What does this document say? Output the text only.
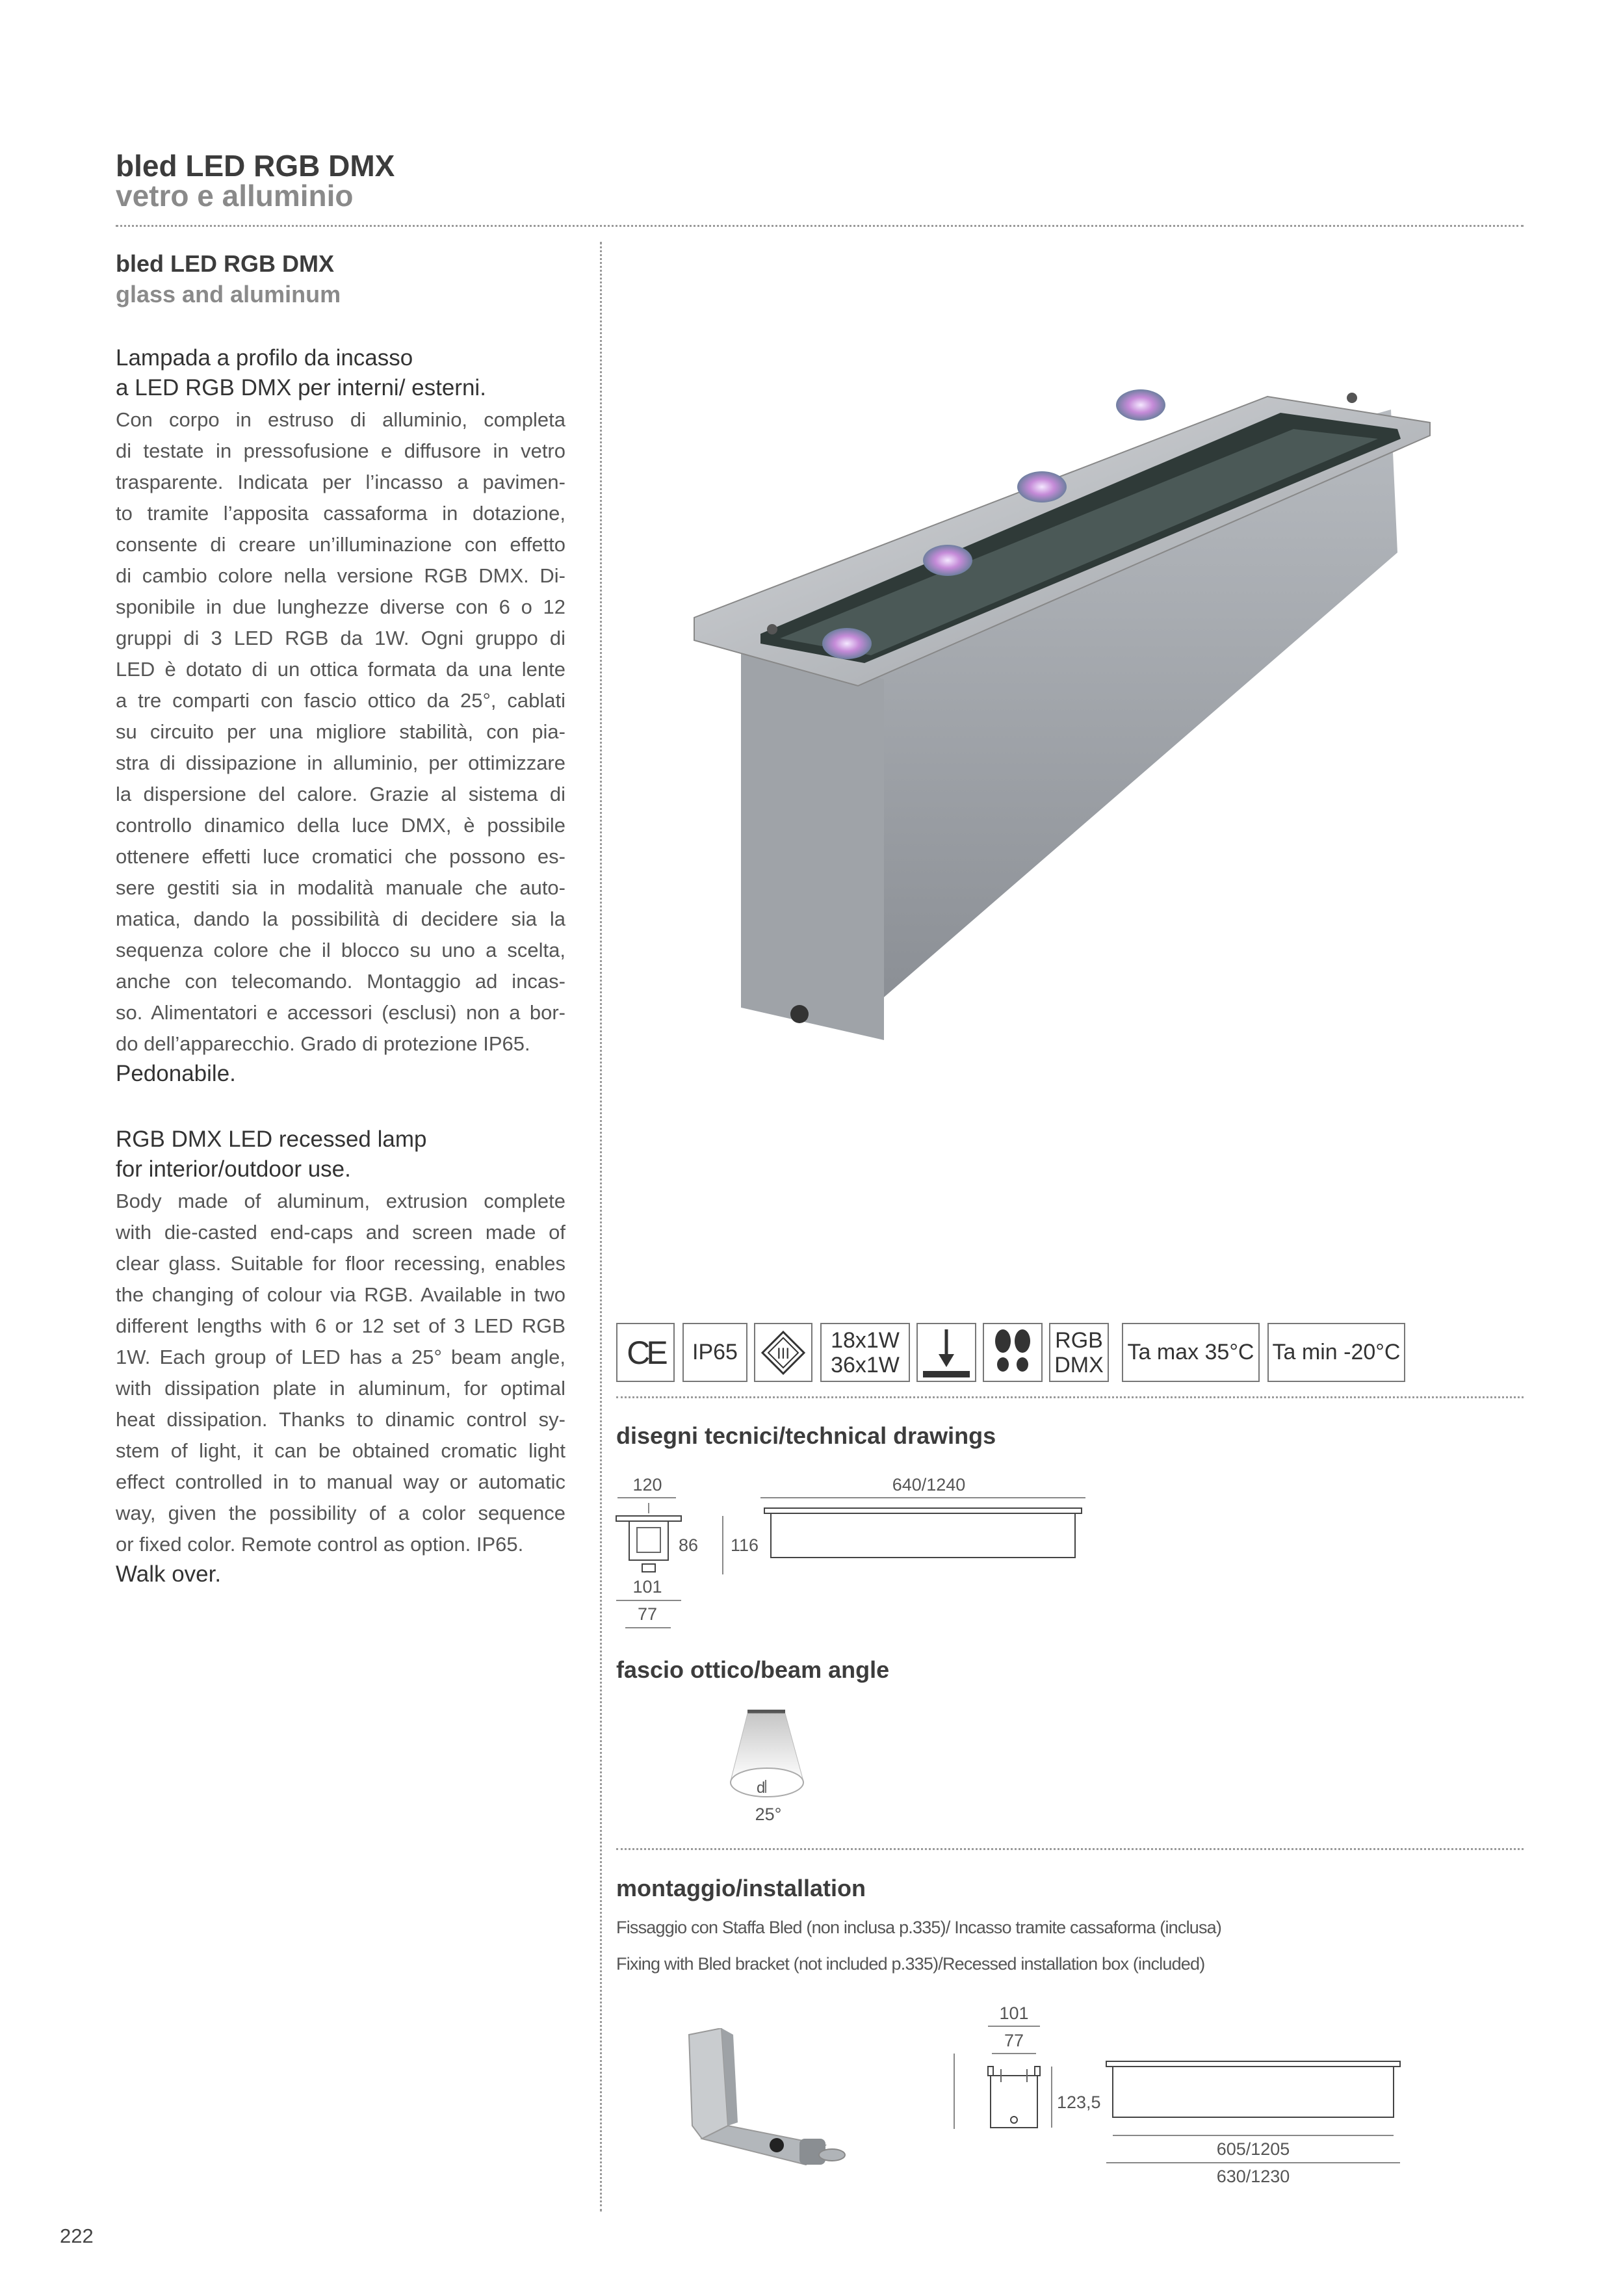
bled LED RGB DMX
vetro e alluminio
bled LED RGB DMX
glass and aluminum
Lampada a profilo da incasso
a LED RGB DMX per interni/ esterni.
Con corpo in estruso di alluminio, completa
di testate in pressofusione e diffusore in vetro
trasparente. Indicata per l’incasso a pavimen-
to tramite l’apposita cassaforma in dotazione,
consente di creare un’illuminazione con effetto
di cambio colore nella versione RGB DMX. Di-
sponibile in due lunghezze diverse con 6 o 12
gruppi di 3 LED RGB da 1W. Ogni gruppo di
LED è dotato di un ottica formata da una lente
a tre comparti con fascio ottico da 25°, cablati
su circuito per una migliore stabilità, con pia-
stra di dissipazione in alluminio, per ottimizzare
la dispersione del calore. Grazie al sistema di
controllo dinamico della luce DMX, è possibile
ottenere effetti luce cromatici che possono es-
sere gestiti sia in modalità manuale che auto-
matica, dando la possibilità di decidere sia la
sequenza colore che il blocco su uno a scelta,
anche con telecomando. Montaggio ad incas-
so. Alimentatori e accessori (esclusi) non a bor-
do dell’apparecchio. Grado di protezione IP65.
Pedonabile.
RGB DMX LED recessed lamp
for interior/outdoor use.
Body made of aluminum, extrusion complete
with die-casted end-caps and screen made of
clear glass. Suitable for floor recessing, enables
the changing of colour via RGB. Available in two
different lengths with 6 or 12 set of 3 LED RGB
1W. Each group of LED has a 25° beam angle,
with dissipation plate in aluminum, for optimal
heat dissipation. Thanks to dinamic control sy-
stem of light, it can be obtained cromatic light
effect controlled in to manual way or automatic
way, given the possibility of a color sequence
or fixed color. Remote control as option. IP65.
Walk over.
CE IP65	III
18x1W
36x1W
RGB
DMX
Ta max 35°C Ta min -20°C
disegni tecnici/technical drawings
120	640/1240
86 116
101
77
fascio ottico/beam angle
d
25°
montaggio/installation
Fissaggio con Staffa Bled (non inclusa p.335)/ Incasso tramite cassaforma (inclusa)
Fixing with Bled bracket (not included p.335)/Recessed installation box (included)
101
77
123,5
605/1205
630/1230
222
